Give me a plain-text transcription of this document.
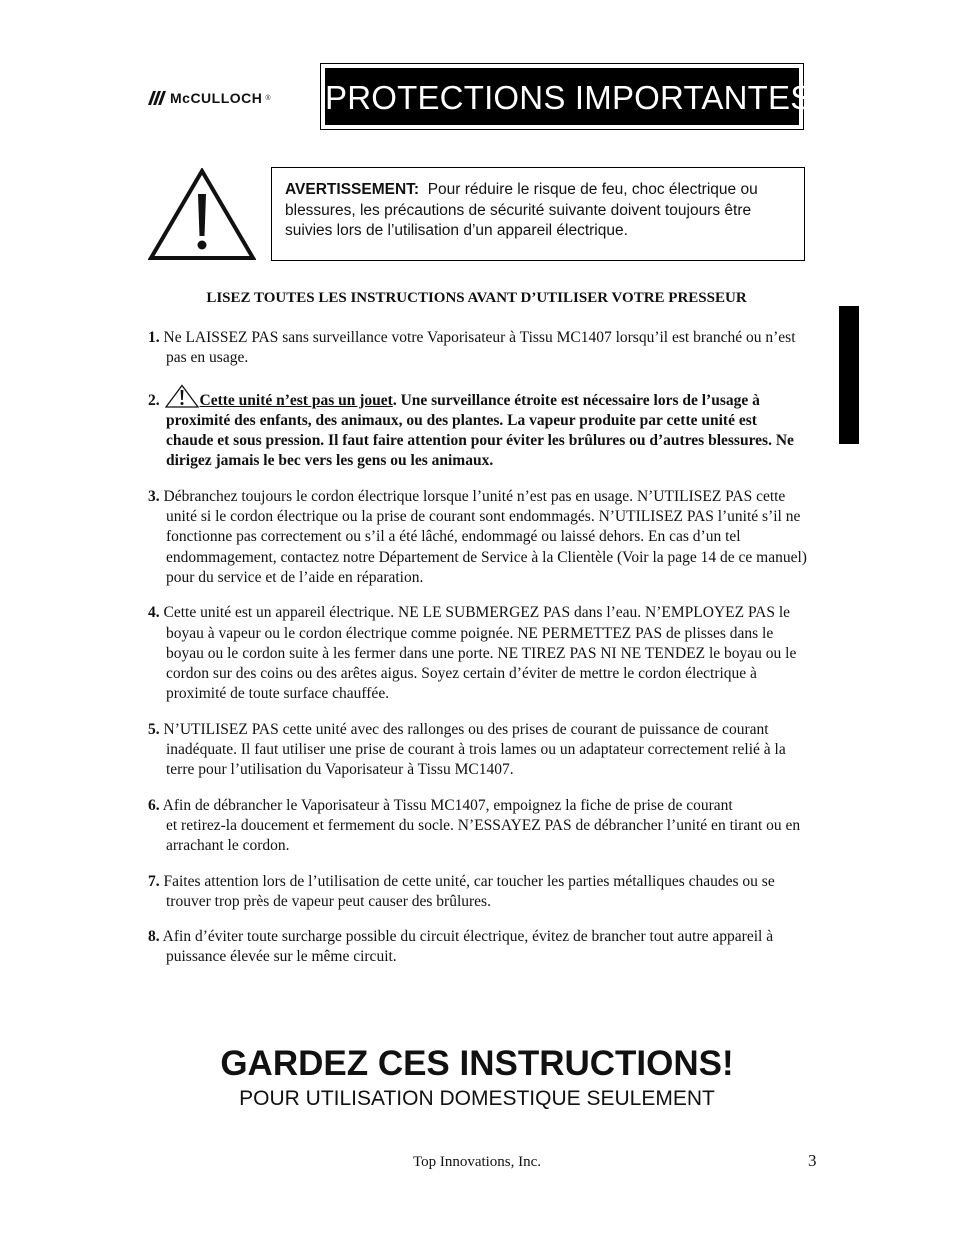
McCULLOCH ® PROTECTIONS IMPORTANTES
AVERTISSEMENT: Pour réduire le risque de feu, choc électrique ou blessures, les précautions de sécurité suivante doivent toujours être suivies lors de l’utilisation d’un appareil électrique.
LISEZ TOUTES LES INSTRUCTIONS AVANT D’UTILISER VOTRE PRESSEUR
1. Ne LAISSEZ PAS sans surveillance votre Vaporisateur à Tissu MC1407 lorsqu’il est branché ou n’est pas en usage.
2.	Cette unité n’est pas un jouet. Une surveillance étroite est nécessaire lors de l’usage à proximité des enfants, des animaux, ou des plantes. La vapeur produite par cette unité est chaude et sous pression. Il faut faire attention pour éviter les brûlures ou d’autres blessures. Ne dirigez jamais le bec vers les gens ou les animaux.
3. Débranchez toujours le cordon électrique lorsque l’unité n’est pas en usage. N’UTILISEZ PAS cette unité si le cordon électrique ou la prise de courant sont endommagés. N’UTILISEZ PAS l’unité s’il ne fonctionne pas correctement ou s’il a été lâché, endommagé ou laissé dehors. En cas d’un tel endommagement, contactez notre Département de Service à la Clientèle (Voir la page 14 de ce manuel) pour du service et de l’aide en réparation.
4. Cette unité est un appareil électrique. NE LE SUBMERGEZ PAS dans l’eau. N’EMPLOYEZ PAS le boyau à vapeur ou le cordon électrique comme poignée. NE PERMETTEZ PAS de plisses dans le boyau ou le cordon suite à les fermer dans une porte. NE TIREZ PAS NI NE TENDEZ le boyau ou le cordon sur des coins ou des arêtes aigus. Soyez certain d’éviter de mettre le cordon électrique à proximité de toute surface chauffée.
5. N’UTILISEZ PAS cette unité avec des rallonges ou des prises de courant de puissance de courant inadéquate. Il faut utiliser une prise de courant à trois lames ou un adaptateur correctement relié à la terre pour l’utilisation du Vaporisateur à Tissu MC1407.
6. Afin de débrancher le Vaporisateur à Tissu MC1407, empoignez la fiche de prise de courant
et retirez-la doucement et fermement du socle. N’ESSAYEZ PAS de débrancher l’unité en tirant ou en arrachant le cordon.
7. Faites attention lors de l’utilisation de cette unité, car toucher les parties métalliques chaudes ou se trouver trop près de vapeur peut causer des brûlures.
8. Afin d’éviter toute surcharge possible du circuit électrique, évitez de brancher tout autre appareil à puissance élevée sur le même circuit.
GARDEZ CES INSTRUCTIONS!
POUR UTILISATION DOMESTIQUE SEULEMENT
Top Innovations, Inc.	3
